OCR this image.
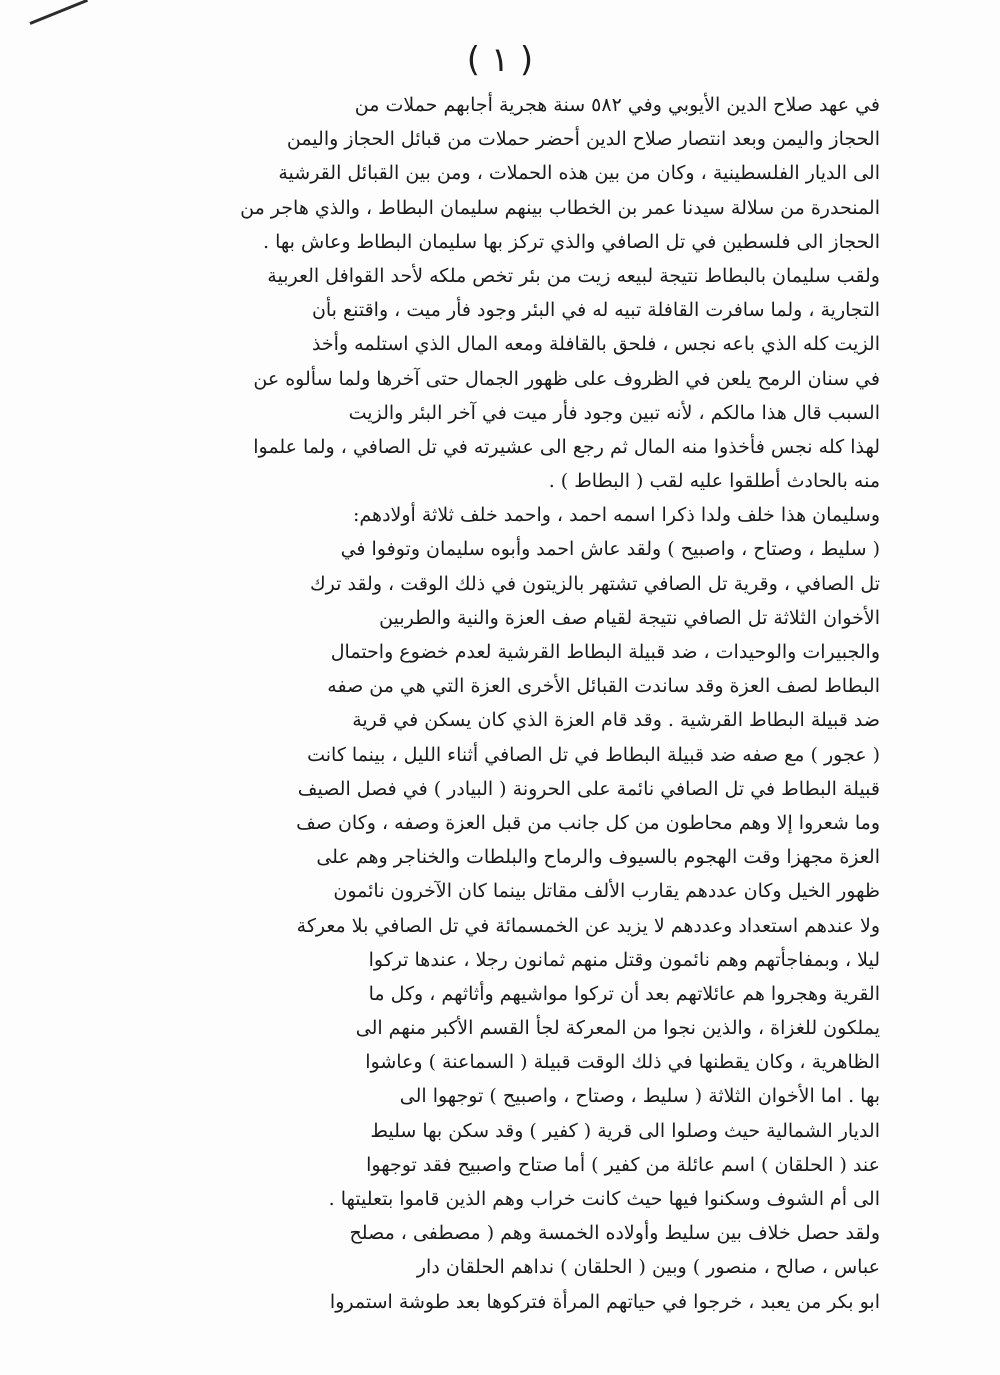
( ١ )
في عهد صلاح الدين الأيوبي وفي ٥٨٢ سنة هجرية أجابهم حملات من
الحجاز واليمن وبعد انتصار صلاح الدين أحضر حملات من قبائل الحجاز واليمن
الى الديار الفلسطينية ، وكان من بين هذه الحملات ، ومن بين القبائل القرشية
المنحدرة من سلالة سيدنا عمر بن الخطاب بينهم سليمان البطاط ، والذي هاجر من
الحجاز الى فلسطين في تل الصافي والذي تركز بها سليمان البطاط وعاش بها .
ولقب سليمان بالبطاط نتيجة لبيعه زيت من بئر تخص ملكه لأحد القوافل العربية
التجارية ، ولما سافرت القافلة تبيه له في البئر وجود فأر ميت ، واقتنع بأن
الزيت كله الذي باعه نجس ، فلحق بالقافلة ومعه المال الذي استلمه وأخذ
في سنان الرمح يلعن في الظروف على ظهور الجمال حتى آخرها ولما سألوه عن
السبب قال هذا مالكم ، لأنه تبين وجود فأر ميت في آخر البئر والزيت
لهذا كله نجس فأخذوا منه المال ثم رجع الى عشيرته في تل الصافي ، ولما علموا
منه بالحادث أطلقوا عليه لقب ( البطاط ) .
وسليمان هذا خلف ولدا ذكرا اسمه احمد ، واحمد خلف ثلاثة أولادهم:
( سليط ، وصتاح ، واصبيح ) ولقد عاش احمد وأبوه سليمان وتوفوا في
تل الصافي ، وقرية تل الصافي تشتهر بالزيتون في ذلك الوقت ، ولقد ترك
الأخوان الثلاثة تل الصافي نتيجة لقيام صف العزة والنية والطربين
والجبيرات والوحيدات ، ضد قبيلة البطاط القرشية لعدم خضوع واحتمال
البطاط لصف العزة وقد ساندت القبائل الأخرى العزة التي هي من صفه
ضد قبيلة البطاط القرشية . وقد قام العزة الذي كان يسكن في قرية
( عجور ) مع صفه ضد قبيلة البطاط في تل الصافي أثناء الليل ، بينما كانت
قبيلة البطاط في تل الصافي نائمة على الحرونة ( البيادر ) في فصل الصيف
وما شعروا إلا وهم محاطون من كل جانب من قبل العزة وصفه ، وكان صف
العزة مجهزا وقت الهجوم بالسيوف والرماح والبلطات والخناجر وهم على
ظهور الخيل وكان عددهم يقارب الألف مقاتل بينما كان الآخرون نائمون
ولا عندهم استعداد وعددهم لا يزيد عن الخمسمائة في تل الصافي بلا معركة
ليلا ، وبمفاجأتهم وهم نائمون وقتل منهم ثمانون رجلا ، عندها تركوا
القرية وهجروا هم عائلاتهم بعد أن تركوا مواشيهم وأثاثهم ، وكل ما
يملكون للغزاة ، والذين نجوا من المعركة لجأ القسم الأكبر منهم الى
الظاهرية ، وكان يقطنها في ذلك الوقت قبيلة ( السماعنة ) وعاشوا
بها . اما الأخوان الثلاثة ( سليط ، وصتاح ، واصبيح ) توجهوا الى
الديار الشمالية حيث وصلوا الى قرية ( كفير ) وقد سكن بها سليط
عند ( الحلقان ) اسم عائلة من كفير ) أما صتاح واصبيح فقد توجهوا
الى أم الشوف وسكنوا فيها حيث كانت خراب وهم الذين قاموا بتعليتها .
ولقد حصل خلاف بين سليط وأولاده الخمسة وهم ( مصطفى ، مصلح
عباس ، صالح ، منصور ) وبين ( الحلقان ) نداهم الحلقان دار
ابو بكر من يعبد ، خرجوا في حياتهم المرأة فتركوها بعد طوشة استمروا
